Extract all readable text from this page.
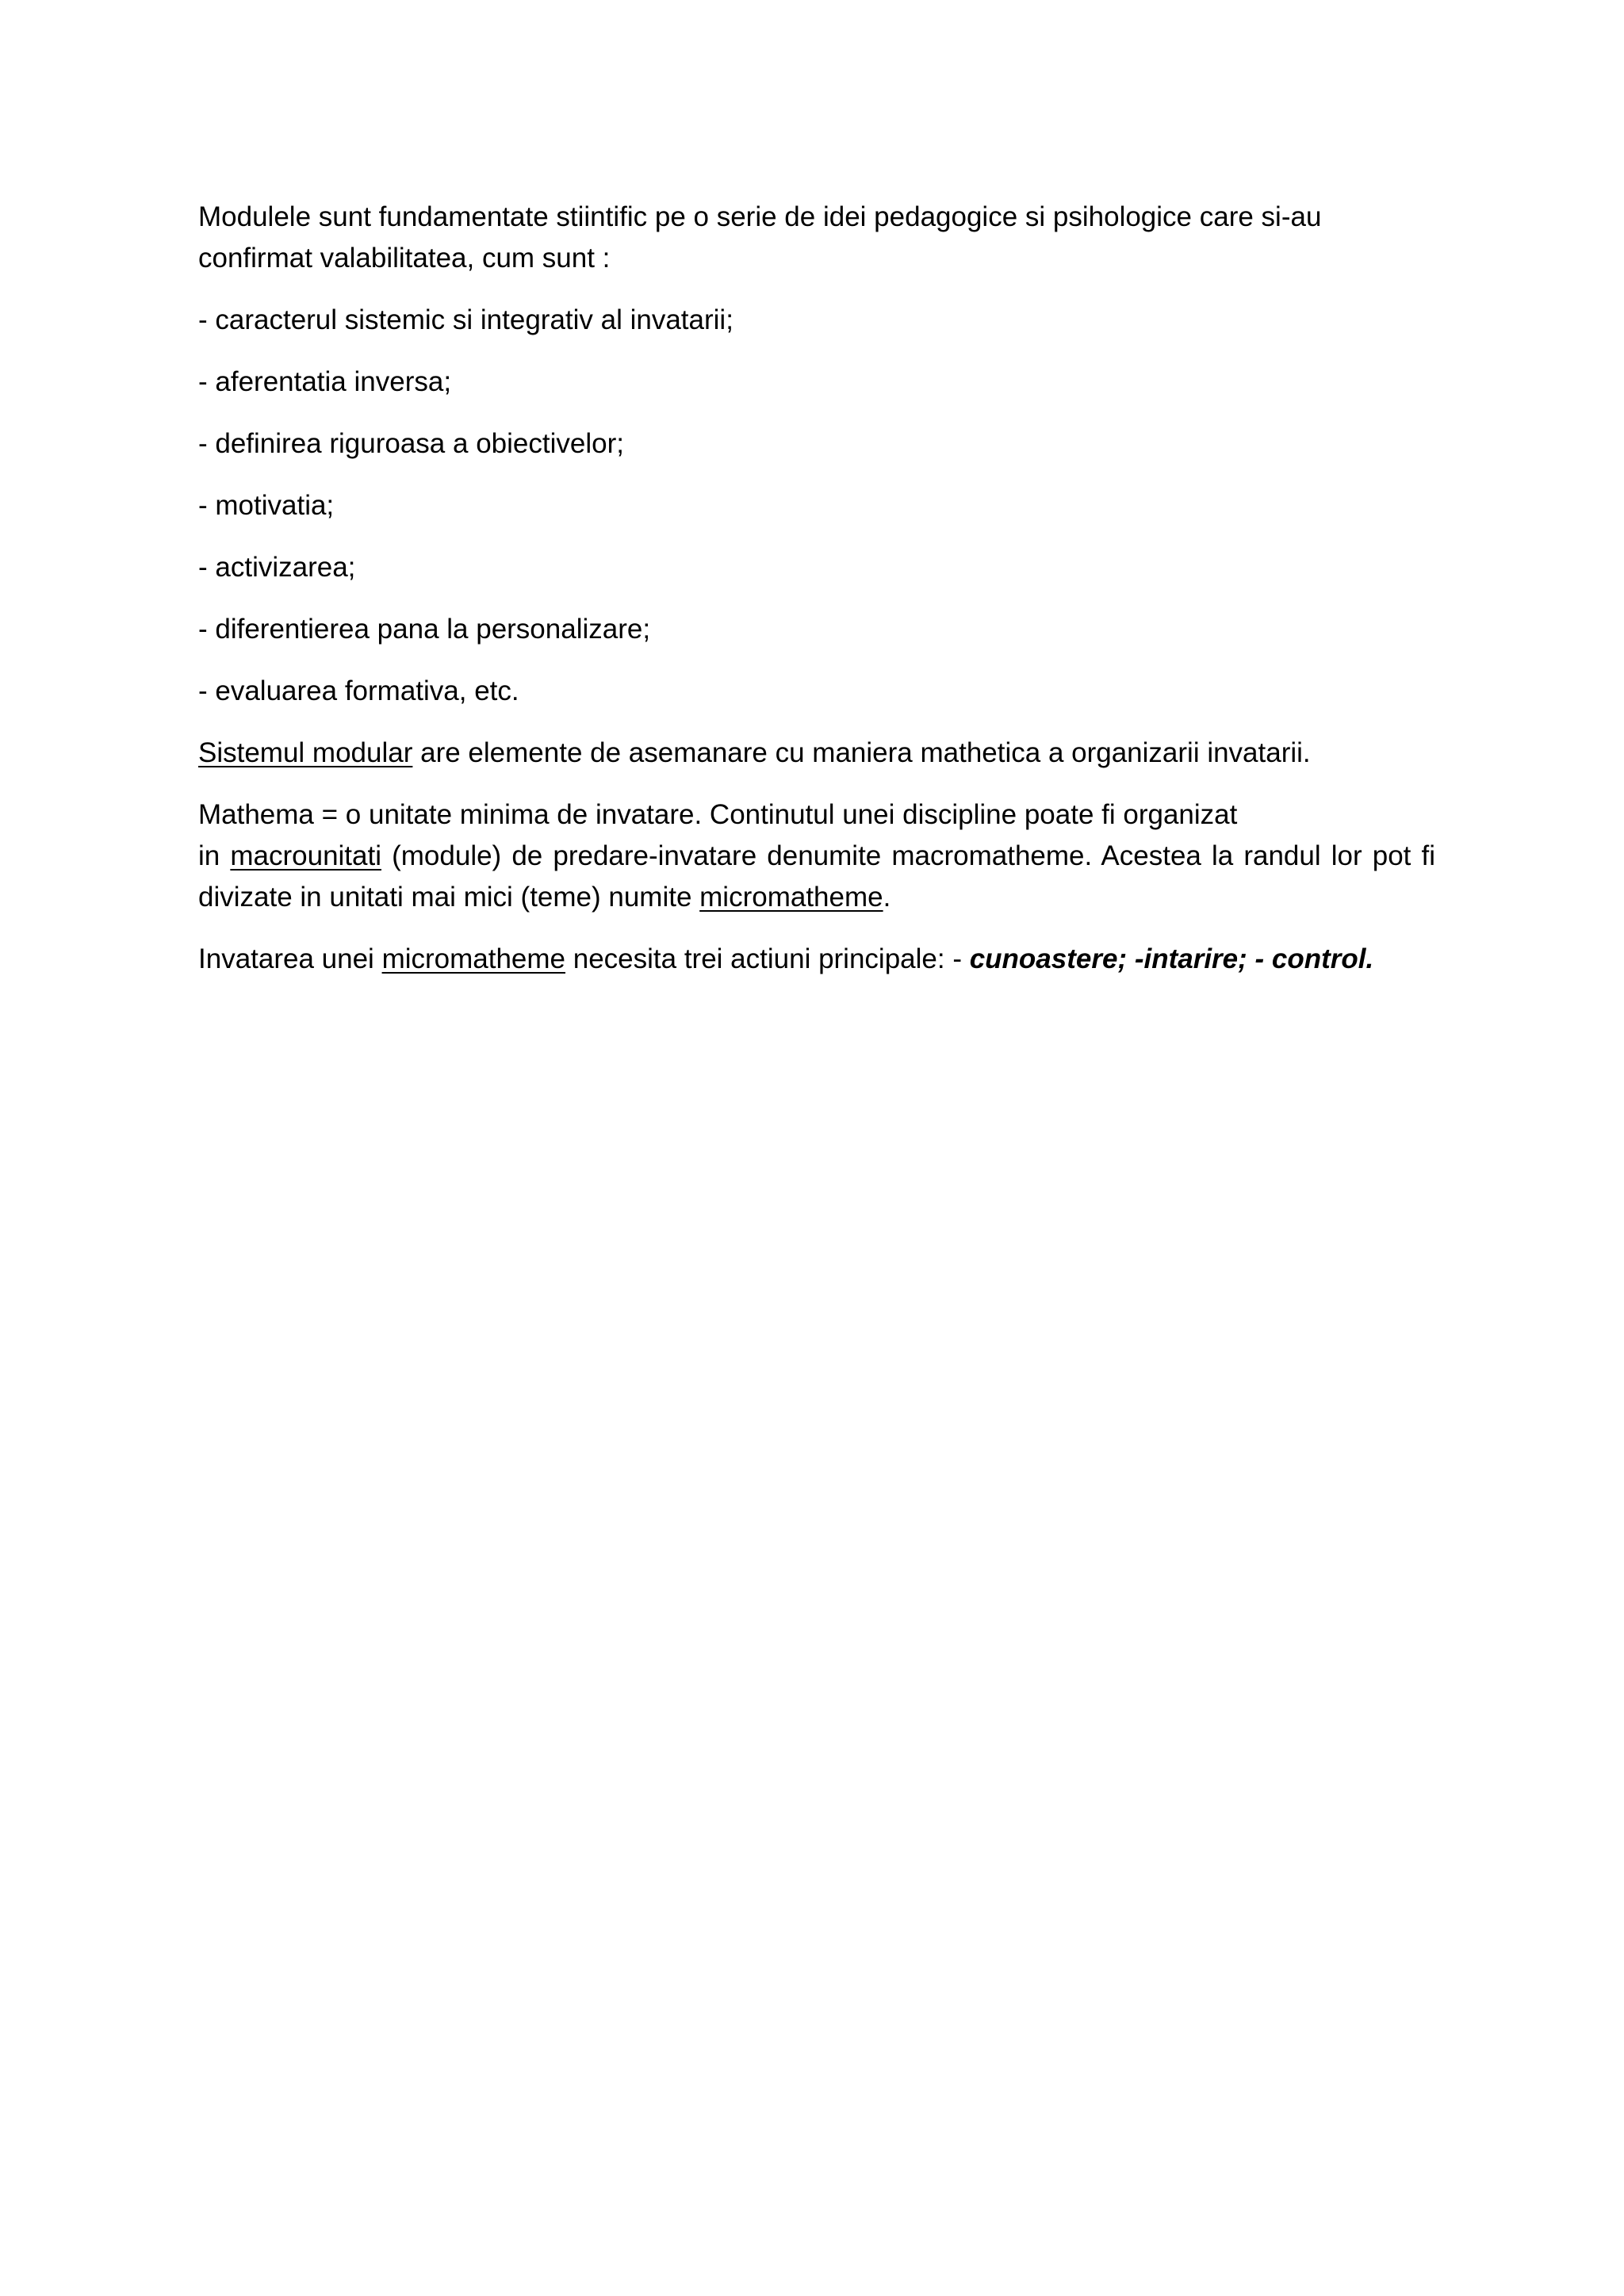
Modulele sunt fundamentate stiintific pe o serie de idei pedagogice si psihologice care si-au
confirmat valabilitatea, cum sunt :

- caracterul sistemic si integrativ al invatarii;

- aferentatia inversa;

- definirea riguroasa a obiectivelor;

- motivatia;

- activizarea;

- diferentierea pana la personalizare;

- evaluarea formativa, etc.

Sistemul modular are elemente de asemanare cu maniera mathetica a organizarii invatarii.

Mathema = o unitate minima de invatare. Continutul unei discipline poate fi organizat
in macrounitati (module) de predare-invatare denumite macromatheme. Acestea la randul lor pot fi divizate in unitati mai mici (teme) numite micromatheme.

Invatarea unei micromatheme necesita trei actiuni principale: - cunoastere; -intarire; - control.
